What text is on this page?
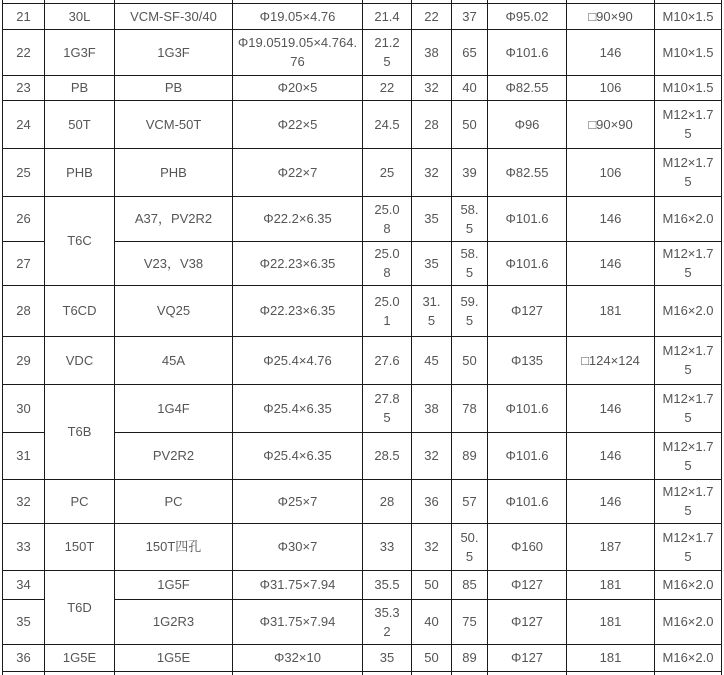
21	30L	VCM-SF-30/40	Φ19.05×4.76	21.4	22	37	Φ95.02	□90×90	M10×1.5
22	1G3F	1G3F	Φ19.0519.05×4.764.76	21.25	38	65	Φ101.6	146	M10×1.5
23	PB	PB	Φ20×5	22	32	40	Φ82.55	106	M10×1.5
24	50T	VCM-50T	Φ22×5	24.5	28	50	Φ96	□90×90	M12×1.75
25	PHB	PHB	Φ22×7	25	32	39	Φ82.55	106	M12×1.75
26	T6C	A37，PV2R2	Φ22.2×6.35	25.08	35	58.5	Φ101.6	146	M16×2.0
27		V23，V38	Φ22.23×6.35	25.08	35	58.5	Φ101.6	146	M12×1.75
28	T6CD	VQ25	Φ22.23×6.35	25.01	31.5	59.5	Φ127	181	M16×2.0
29	VDC	45A	Φ25.4×4.76	27.6	45	50	Φ135	□124×124	M12×1.75
30	T6B	1G4F	Φ25.4×6.35	27.85	38	78	Φ101.6	146	M12×1.75
31		PV2R2	Φ25.4×6.35	28.5	32	89	Φ101.6	146	M12×1.75
32	PC	PC	Φ25×7	28	36	57	Φ101.6	146	M12×1.75
33	150T	150T四孔	Φ30×7	33	32	50.5	Φ160	187	M12×1.75
34	T6D	1G5F	Φ31.75×7.94	35.5	50	85	Φ127	181	M16×2.0
35		1G2R3	Φ31.75×7.94	35.32	40	75	Φ127	181	M16×2.0
36	1G5E	1G5E	Φ32×10	35	50	89	Φ127	181	M16×2.0
